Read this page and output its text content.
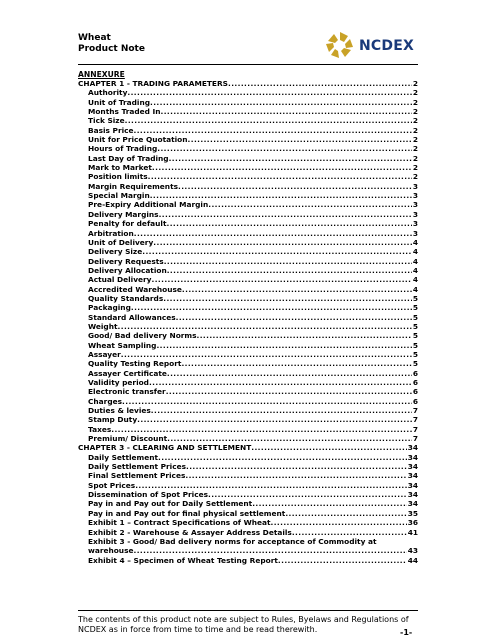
Wheat
Product Note	NCDEX
ANNEXURE
CHAPTER 1 - TRADING PARAMETERS .....	2
Authority .....	2
Unit of Trading .....	2
Months Traded In .....	2
Tick Size .....	2
Basis Price .....	2
Unit for Price Quotation .....	2
Hours of Trading .....	2
Last Day of Trading .....	2
Mark to Market .....	2
Position limits .....	2
Margin Requirements .....	3
Special Margin .....	3
Pre-Expiry Additional Margin .....	3
Delivery Margins .....	3
Penalty for default .....	3
Arbitration .....	3
Unit of Delivery .....	4
Delivery Size .....	4
Delivery Requests .....	4
Delivery Allocation .....	4
Actual Delivery .....	4
Accredited Warehouse .....	4
Quality Standards .....	5
Packaging .....	5
Standard Allowances .....	5
Weight .....	5
Good/ Bad delivery Norms .....	5
Wheat Sampling .....	5
Assayer .....	5
Quality Testing Report .....	5
Assayer Certificate .....	6
Validity period .....	6
Electronic transfer .....	6
Charges .....	6
Duties & levies .....	7
Stamp Duty .....	7
Taxes .....	7
Premium/ Discount .....	7
CHAPTER 3 - CLEARING AND SETTLEMENT .....	34
Daily Settlement .....	34
Daily Settlement Prices .....	34
Final Settlement Prices .....	34
Spot Prices .....	34
Dissemination of Spot Prices .....	34
Pay in and Pay out for Daily Settlement .....	34
Pay in and Pay out for final physical settlement .....	35
Exhibit 1 – Contract Specifications of Wheat .....	36
Exhibit 2 - Warehouse & Assayer Address Details .....	41
Exhibit 3 - Good/ Bad delivery norms for acceptance of Commodity at
warehouse .....	43
Exhibit 4 – Specimen of Wheat Testing Report .....	44
The contents of this product note are subject to Rules, Byelaws and Regulations of NCDEX as in force from time to time and be read therewith.	-1-
